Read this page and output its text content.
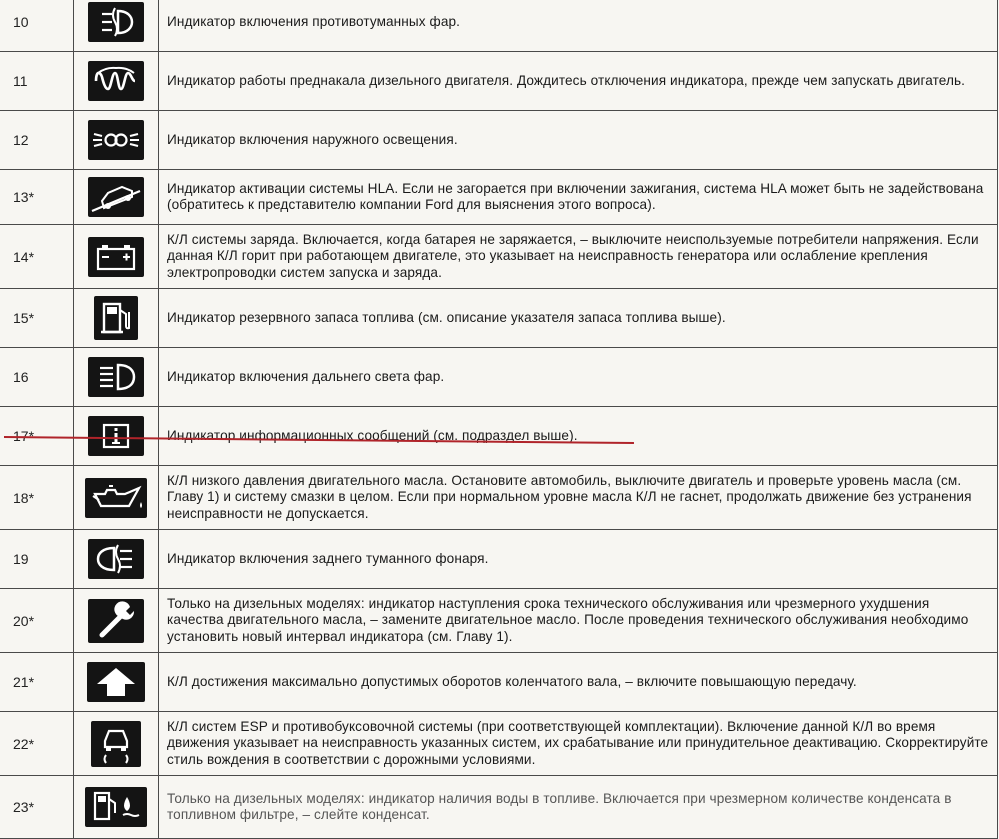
10		Индикатор включения противотуманных фар.
11		Индикатор работы преднакала дизельного двигателя. Дождитесь отключения индикатора, прежде чем запускать двигатель.
12		Индикатор включения наружного освещения.
13*		Индикатор активации системы HLA. Если не загорается при включении зажигания, система HLA может быть не задействована (обратитесь к представителю компании Ford для выяснения этого вопроса).
14*		К/Л системы заряда. Включается, когда батарея не заряжается, – выключите неиспользуемые потребители напряжения. Если данная К/Л горит при работающем двигателе, это указывает на неисправность генератора или ослабление крепления электропроводки систем запуска и заряда.
15*		Индикатор резервного запаса топлива (см. описание указателя запаса топлива выше).
16		Индикатор включения дальнего света фар.
17*		Индикатор информационных сообщений (см. подраздел выше).
18*		К/Л низкого давления двигательного масла. Остановите автомобиль, выключите двигатель и проверьте уровень масла (см. Главу 1) и систему смазки в целом. Если при нормальном уровне масла К/Л не гаснет, продолжать движение без устранения неисправности не допускается.
19		Индикатор включения заднего туманного фонаря.
20*		Только на дизельных моделях: индикатор наступления срока технического обслуживания или чрезмерного ухудшения качества двигательного масла, – замените двигательное масло. После проведения технического обслуживания необходимо установить новый интервал индикатора (см. Главу 1).
21*		К/Л достижения максимально допустимых оборотов коленчатого вала, – включите повышающую передачу.
22*		К/Л систем ESP и противобуксовочной системы (при соответствующей комплектации). Включение данной К/Л во время движения указывает на неисправность указанных систем, их срабатывание или принудительное деактивацию. Скорректируйте стиль вождения в соответствии с дорожными условиями.
23*		Только на дизельных моделях: индикатор наличия воды в топливе. Включается при чрезмерном количестве конденсата в топливном фильтре, – слейте конденсат.
